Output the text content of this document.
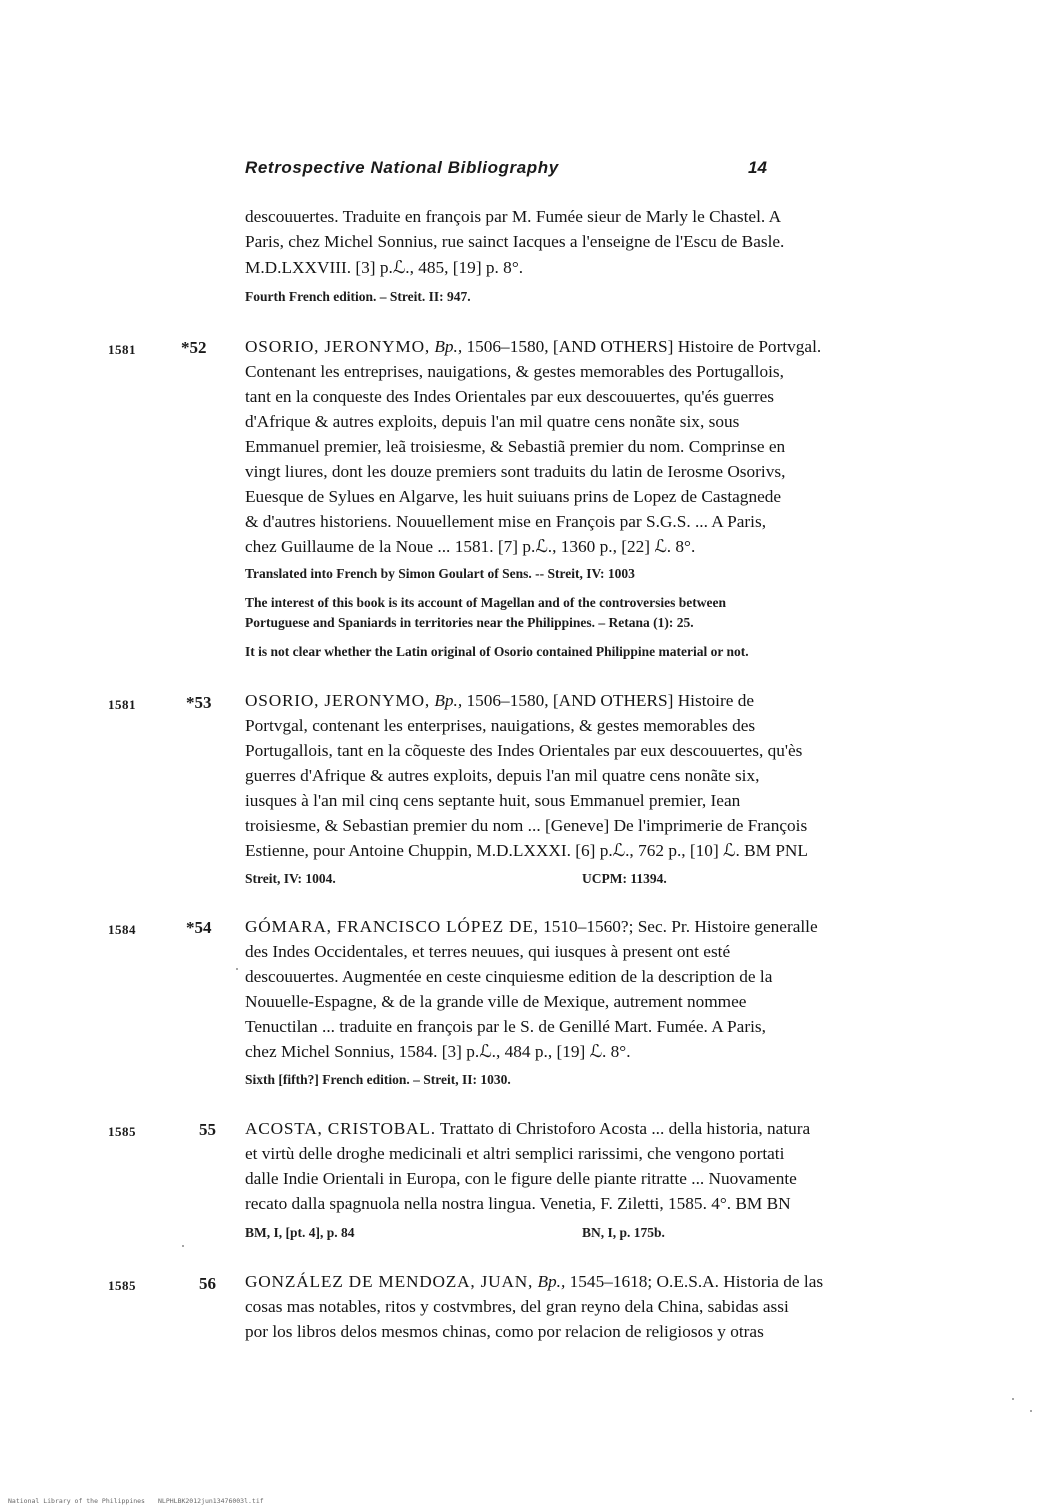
Retrospective National Bibliography	14
descouuertes. Traduite en françois par M. Fumée sieur de Marly le Chastel. A
Paris, chez Michel Sonnius, rue sainct Iacques a l'enseigne de l'Escu de Basle.
M.D.LXXVIII. [3] p.ℒ., 485, [19] p. 8°.
Fourth French edition. – Streit. II: 947.
1581	*52 OSORIO, JERONYMO, Bp., 1506–1580, [AND OTHERS] Histoire de Portvgal.
Contenant les entreprises, nauigations, & gestes memorables des Portugallois,
tant en la conqueste des Indes Orientales par eux descouuertes, qu'és guerres
d'Afrique & autres exploits, depuis l'an mil quatre cens nonãte six, sous
Emmanuel premier, leã troisiesme, & Sebastiã premier du nom. Comprinse en
vingt liures, dont les douze premiers sont traduits du latin de Ierosme Osorivs,
Euesque de Sylues en Algarve, les huit suiuans prins de Lopez de Castagnede
& d'autres historiens. Nouuellement mise en François par S.G.S. ... A Paris,
chez Guillaume de la Noue ... 1581. [7] p.ℒ., 1360 p., [22] ℒ. 8°.
Translated into French by Simon Goulart of Sens. -- Streit, IV: 1003
The interest of this book is its account of Magellan and of the controversies between
Portuguese and Spaniards in territories near the Philippines. – Retana (1): 25.
It is not clear whether the Latin original of Osorio contained Philippine material or not.
1581	*53 OSORIO, JERONYMO, Bp., 1506–1580, [AND OTHERS] Histoire de
Portvgal, contenant les enterprises, nauigations, & gestes memorables des
Portugallois, tant en la cõqueste des Indes Orientales par eux descouuertes, qu'ès
guerres d'Afrique & autres exploits, depuis l'an mil quatre cens nonãte six,
iusques à l'an mil cinq cens septante huit, sous Emmanuel premier, Iean
troisiesme, & Sebastian premier du nom ... [Geneve] De l'imprimerie de François
Estienne, pour Antoine Chuppin, M.D.LXXXI. [6] p.ℒ., 762 p., [10] ℒ. BM PNL
Streit, IV: 1004.	UCPM: 11394.
1584	*54 GÓMARA, FRANCISCO LÓPEZ DE, 1510–1560?; Sec. Pr. Histoire generalle
des Indes Occidentales, et terres neuues, qui iusques à present ont esté
descouuertes. Augmentée en ceste cinquiesme edition de la description de la
Nouuelle-Espagne, & de la grande ville de Mexique, autrement nommee
Tenuctilan ... traduite en françois par le S. de Genillé Mart. Fumée. A Paris,
chez Michel Sonnius, 1584. [3] p.ℒ., 484 p., [19] ℒ. 8°.
Sixth [fifth?] French edition. – Streit, II: 1030.
1585	55 ACOSTA, CRISTOBAL. Trattato di Christoforo Acosta ... della historia, natura
et virtù delle droghe medicinali et altri semplici rarissimi, che vengono portati
dalle Indie Orientali in Europa, con le figure delle piante ritratte ... Nuovamente
recato dalla spagnuola nella nostra lingua. Venetia, F. Ziletti, 1585. 4°. BM BN
BM, I, [pt. 4], p. 84	BN, I, p. 175b.
1585	56 GONZÁLEZ DE MENDOZA, JUAN, Bp., 1545–1618; O.E.S.A. Historia de las
cosas mas notables, ritos y costvmbres, del gran reyno dela China, sabidas assi
por los libros delos mesmos chinas, como por relacion de religiosos y otras
National Library of the Philippines NLPHLBK2012jun13476003l.tif
